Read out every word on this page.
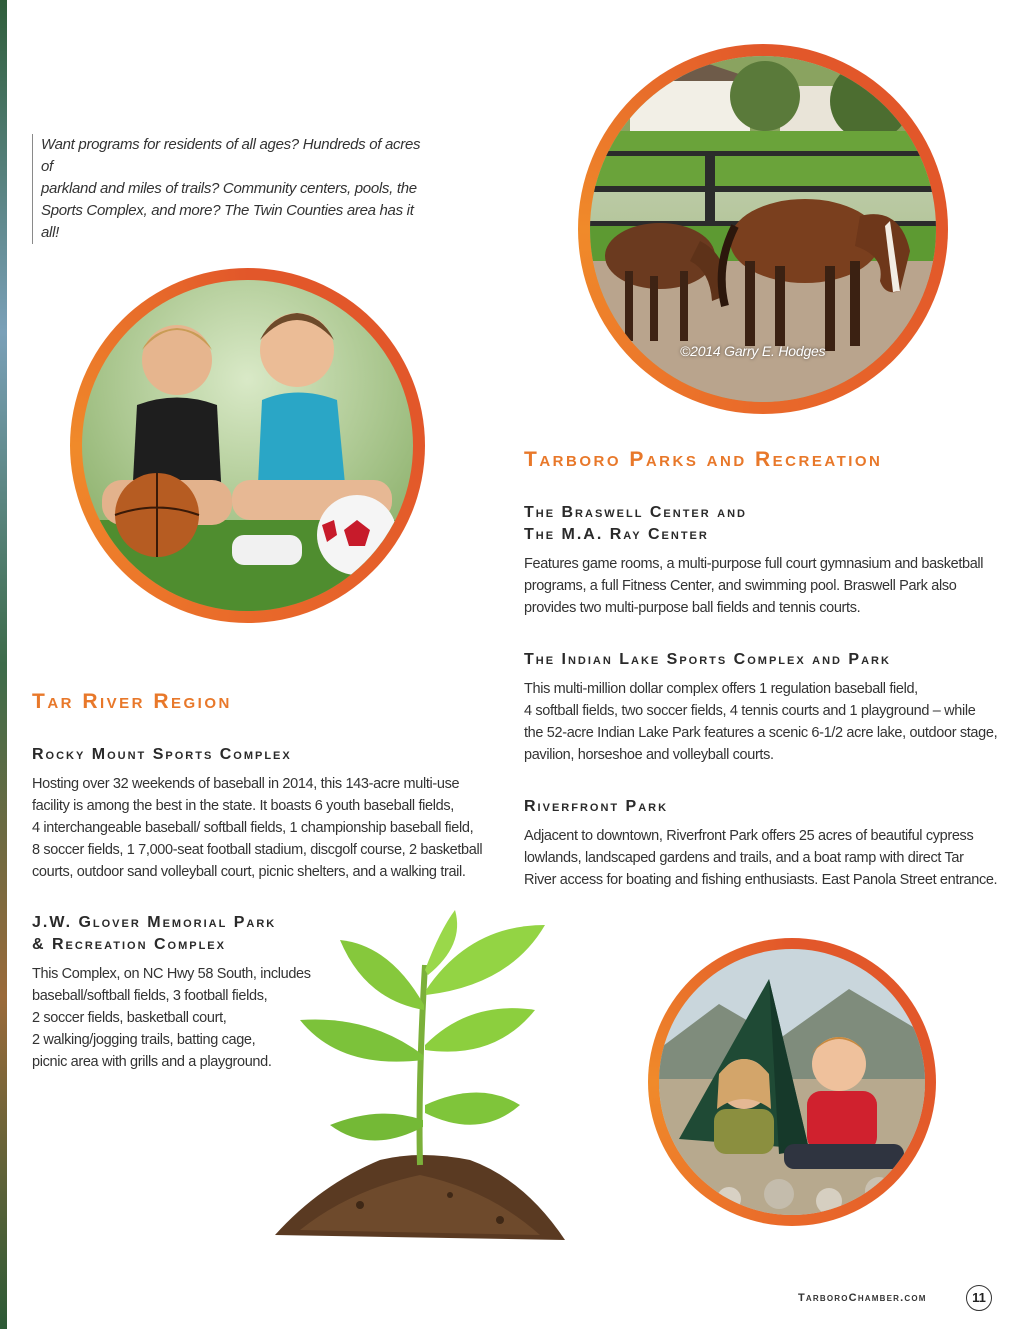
Want programs for residents of all ages? Hundreds of acres of

parkland and miles of trails? Community centers, pools, the

Sports Complex, and more? The Twin Counties area has it all!

©2014 Garry E. Hodges
Tarboro Parks and Recreation
The Braswell Center and
The M.A. Ray Center
Features game rooms, a multi-purpose full court gymnasium and basketball
programs, a full Fitness Center, and swimming pool. Braswell Park also
provides two multi-purpose ball fields and tennis courts.
The Indian Lake Sports Complex and Park
This multi-million dollar complex offers 1 regulation baseball field,
4 softball fields, two soccer fields, 4 tennis courts and 1 playground – while
the 52-acre Indian Lake Park features a scenic 6-1/2 acre lake, outdoor stage,
pavilion, horseshoe and volleyball courts.
Riverfront Park
Adjacent to downtown, Riverfront Park offers 25 acres of beautiful cypress
lowlands, landscaped gardens and trails, and a boat ramp with direct Tar
River access for boating and fishing enthusiasts. East Panola Street entrance.
Tar River Region
Rocky Mount Sports Complex
Hosting over 32 weekends of baseball in 2014, this 143-acre multi-use
facility is among the best in the state. It boasts 6 youth baseball fields,
4 interchangeable baseball/ softball fields, 1 championship baseball field,
8 soccer fields, 1 7,000-seat football stadium, discgolf course, 2 basketball
courts, outdoor sand volleyball court, picnic shelters, and a walking trail.
J.W. Glover Memorial Park
& Recreation Complex
This Complex, on NC Hwy 58 South, includes
baseball/softball fields, 3 football fields,
2 soccer fields, basketball court,
2 walking/jogging trails, batting cage,
picnic area with grills and a playground.
TarboroChamber.com	11
